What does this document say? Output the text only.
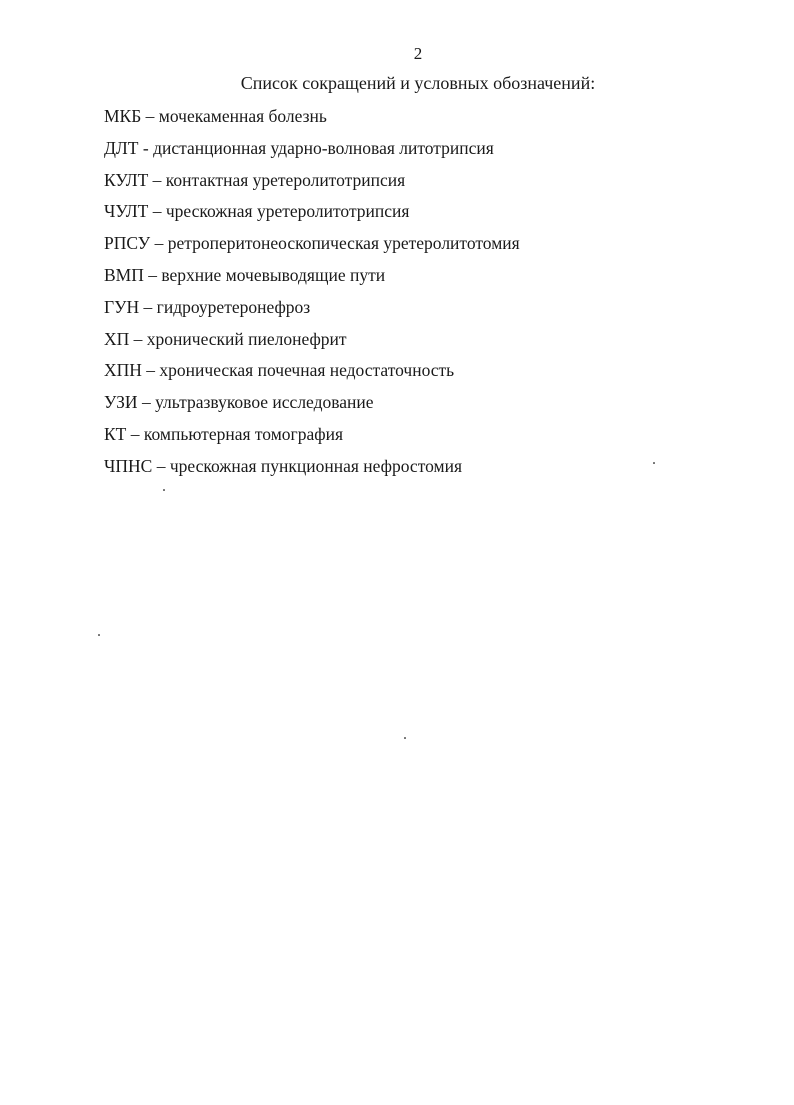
2
Список сокращений и условных обозначений:
МКБ – мочекаменная болезнь
ДЛТ - дистанционная ударно-волновая литотрипсия
КУЛТ – контактная уретеролитотрипсия
ЧУЛТ – чрескожная уретеролитотрипсия
РПСУ – ретроперитонеоскопическая уретеролитотомия
ВМП – верхние мочевыводящие пути
ГУН – гидроуретеронефроз
ХП – хронический пиелонефрит
ХПН – хроническая почечная недостаточность
УЗИ – ультразвуковое исследование
КТ – компьютерная томография
ЧПНС – чрескожная пункционная нефростомия
